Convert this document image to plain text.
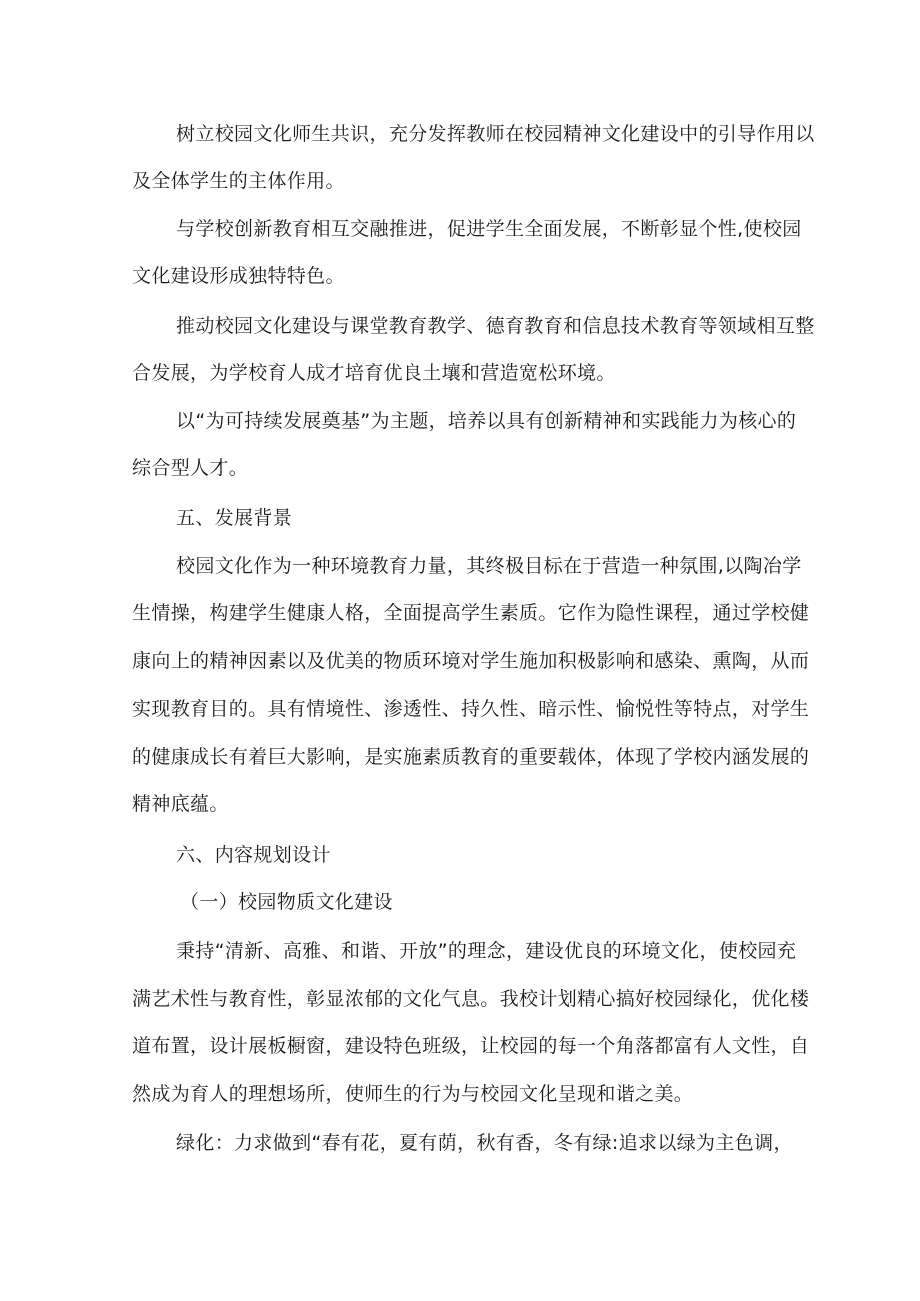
树立校园文化师生共识，充分发挥教师在校园精神文化建设中的引导作用以

及全体学生的主体作用。

与学校创新教育相互交融推进，促进学生全面发展，不断彰显个性,使校园

文化建设形成独特特色。

推动校园文化建设与课堂教育教学、德育教育和信息技术教育等领域相互整

合发展，为学校育人成才培育优良土壤和营造宽松环境。

以“为可持续发展奠基”为主题，培养以具有创新精神和实践能力为核心的

综合型人才。

五、发展背景

校园文化作为一种环境教育力量，其终极目标在于营造一种氛围,以陶冶学

生情操，构建学生健康人格，全面提高学生素质。它作为隐性课程，通过学校健

康向上的精神因素以及优美的物质环境对学生施加积极影响和感染、熏陶，从而

实现教育目的。具有情境性、渗透性、持久性、暗示性、愉悦性等特点，对学生

的健康成长有着巨大影响，是实施素质教育的重要载体，体现了学校内涵发展的

精神底蕴。

六、内容规划设计

（一）校园物质文化建设

秉持“清新、高雅、和谐、开放”的理念，建设优良的环境文化，使校园充

满艺术性与教育性，彰显浓郁的文化气息。我校计划精心搞好校园绿化，优化楼

道布置，设计展板橱窗，建设特色班级，让校园的每一个角落都富有人文性，自

然成为育人的理想场所，使师生的行为与校园文化呈现和谐之美。

绿化：力求做到“春有花，夏有荫，秋有香，冬有绿:追求以绿为主色调，
